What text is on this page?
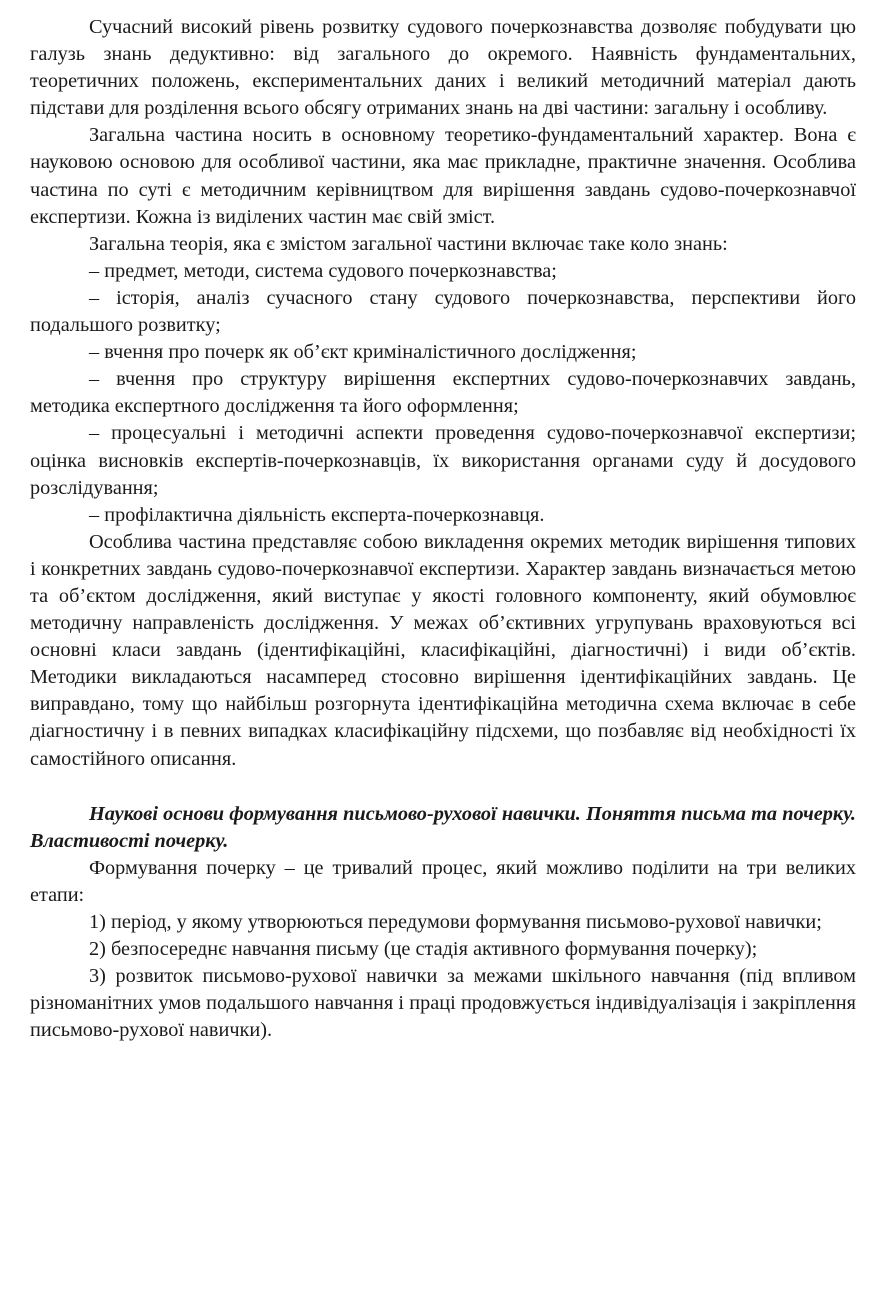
Сучасний високий рівень розвитку судового почеркознавства дозволяє побудувати цю галузь знань дедуктивно: від загального до окремого. Наявність фундаментальних, теоретичних положень, експериментальних даних і великий методичний матеріал дають підстави для розділення всього обсягу отриманих знань на дві частини: загальну і особливу.

Загальна частина носить в основному теоретико-фундаментальний характер. Вона є науковою основою для особливої частини, яка має прикладне, практичне значення. Особлива частина по суті є методичним керівництвом для вирішення завдань судово-почеркознавчої експертизи. Кожна із виділених частин має свій зміст.

Загальна теорія, яка є змістом загальної частини включає таке коло знань:

– предмет, методи, система судового почеркознавства;

– історія, аналіз сучасного стану судового почеркознавства, перспективи його подальшого розвитку;

– вчення про почерк як об’єкт криміналістичного дослідження;

– вчення про структуру вирішення експертних судово-почеркознавчих завдань, методика експертного дослідження та його оформлення;

– процесуальні і методичні аспекти проведення судово-почеркознавчої експертизи; оцінка висновків експертів-почеркознавців, їх використання органами суду й досудового розслідування;

– профілактична діяльність експерта-почеркознавця.

Особлива частина представляє собою викладення окремих методик вирішення типових і конкретних завдань судово-почеркознавчої експертизи. Характер завдань визначається метою та об’єктом дослідження, який виступає у якості головного компоненту, який обумовлює методичну направленість дослідження. У межах об’єктивних угрупувань враховуються всі основні класи завдань (ідентифікаційні, класифікаційні, діагностичні) і види об’єктів. Методики викладаються насамперед стосовно вирішення ідентифікаційних завдань. Це виправдано, тому що найбільш розгорнута ідентифікаційна методична схема включає в себе діагностичну і в певних випадках класифікаційну підсхеми, що позбавляє від необхідності їх самостійного описання.

Наукові основи формування письмово-рухової навички. Поняття письма та почерку. Властивості почерку.

Формування почерку – це тривалий процес, який можливо поділити на три великих етапи:

1) період, у якому утворюються передумови формування письмово-рухової навички;

2) безпосереднє навчання письму (це стадія активного формування почерку);

3) розвиток письмово-рухової навички за межами шкільного навчання (під впливом різноманітних умов подальшого навчання і праці продовжується індивідуалізація і закріплення письмово-рухової навички).
